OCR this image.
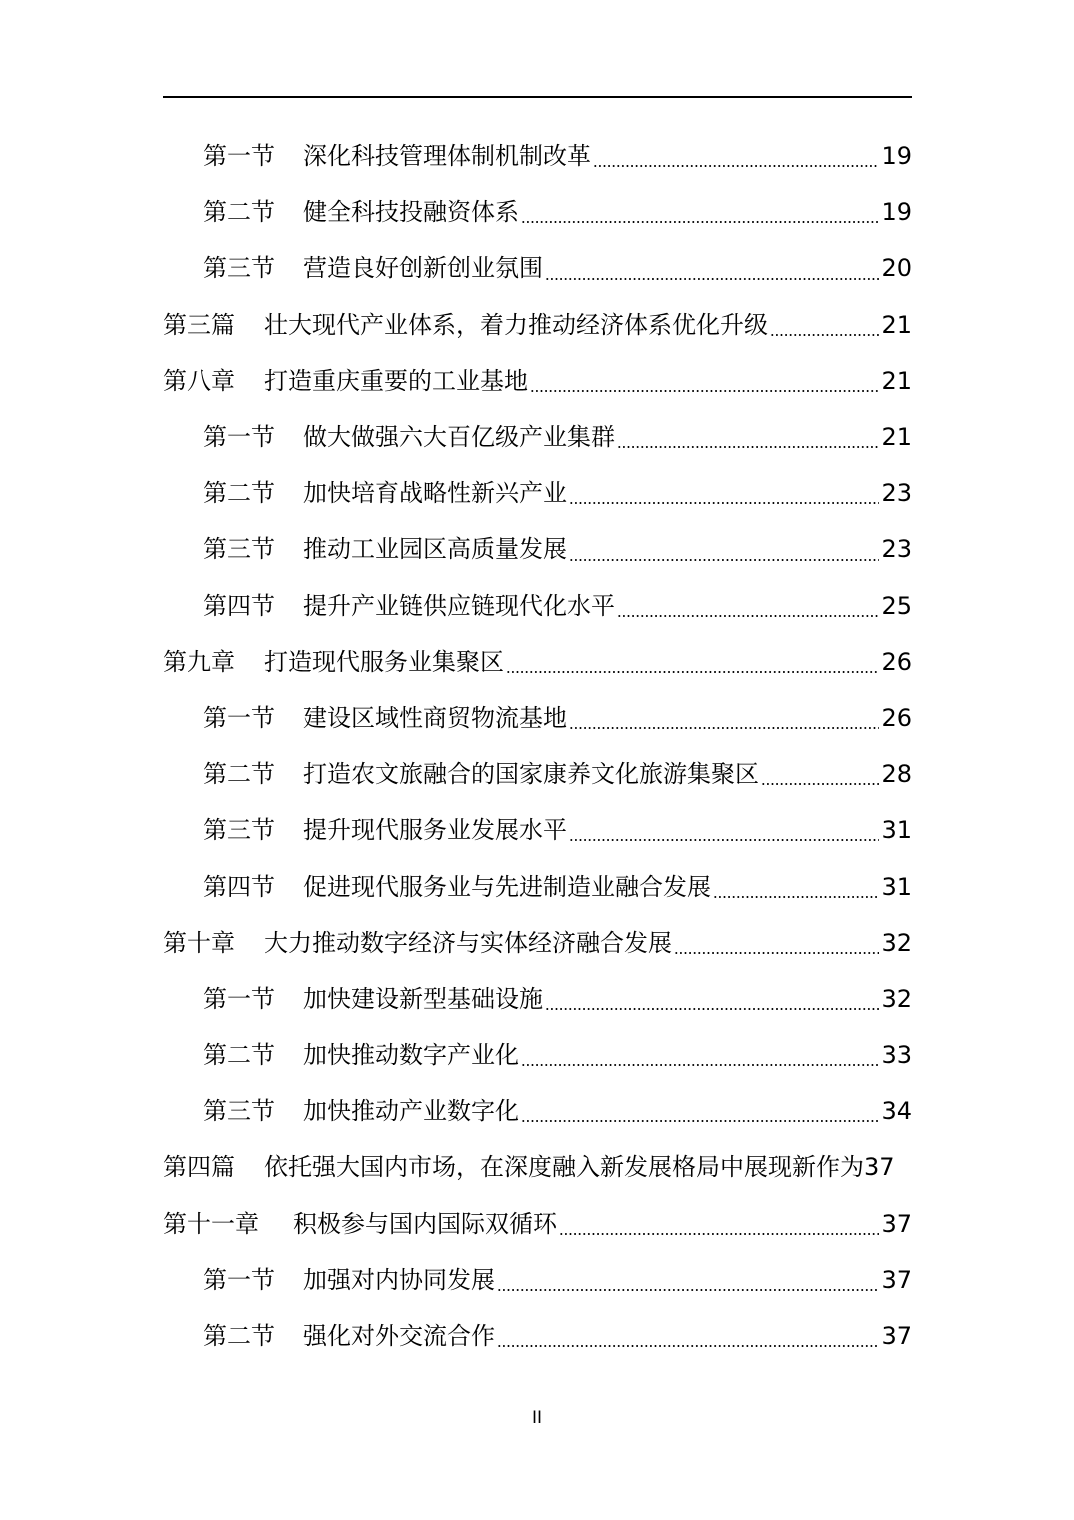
第一节	深化科技管理体制机制改革	19
第二节	健全科技投融资体系	19
第三节	营造良好创新创业氛围	20
第三篇	壮大现代产业体系，着力推动经济体系优化升级	21
第八章	打造重庆重要的工业基地	21
第一节	做大做强六大百亿级产业集群	21
第二节	加快培育战略性新兴产业	23
第三节	推动工业园区高质量发展	23
第四节	提升产业链供应链现代化水平	25
第九章	打造现代服务业集聚区	26
第一节	建设区域性商贸物流基地	26
第二节	打造农文旅融合的国家康养文化旅游集聚区	28
第三节	提升现代服务业发展水平	31
第四节	促进现代服务业与先进制造业融合发展	31
第十章	大力推动数字经济与实体经济融合发展	32
第一节	加快建设新型基础设施	32
第二节	加快推动数字产业化	33
第三节	加快推动产业数字化	34
第四篇	依托强大国内市场，在深度融入新发展格局中展现新作为 37
第十一章	积极参与国内国际双循环	37
第一节	加强对内协同发展	37
第二节	强化对外交流合作	37
II
